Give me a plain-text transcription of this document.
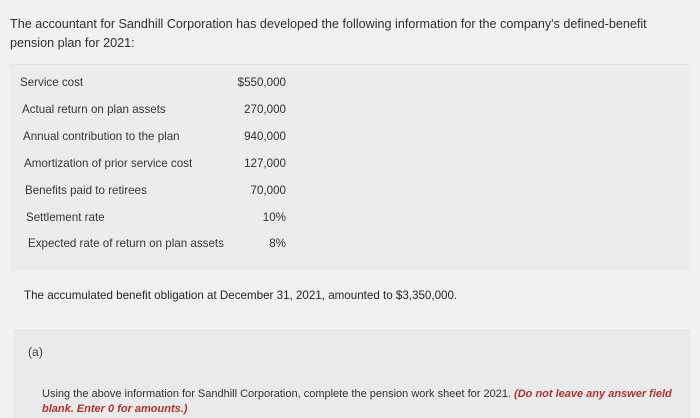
The accountant for Sandhill Corporation has developed the following information for the company's defined-benefit pension plan for 2021:
Service cost	$550,000
Actual return on plan assets	270,000
Annual contribution to the plan	940,000
Amortization of prior service cost	127,000
Benefits paid to retirees	70,000
Settlement rate	10%
Expected rate of return on plan assets	8%
The accumulated benefit obligation at December 31, 2021, amounted to $3,350,000.
(a)
Using the above information for Sandhill Corporation, complete the pension work sheet for 2021. (Do not leave any answer field blank. Enter 0 for amounts.)
